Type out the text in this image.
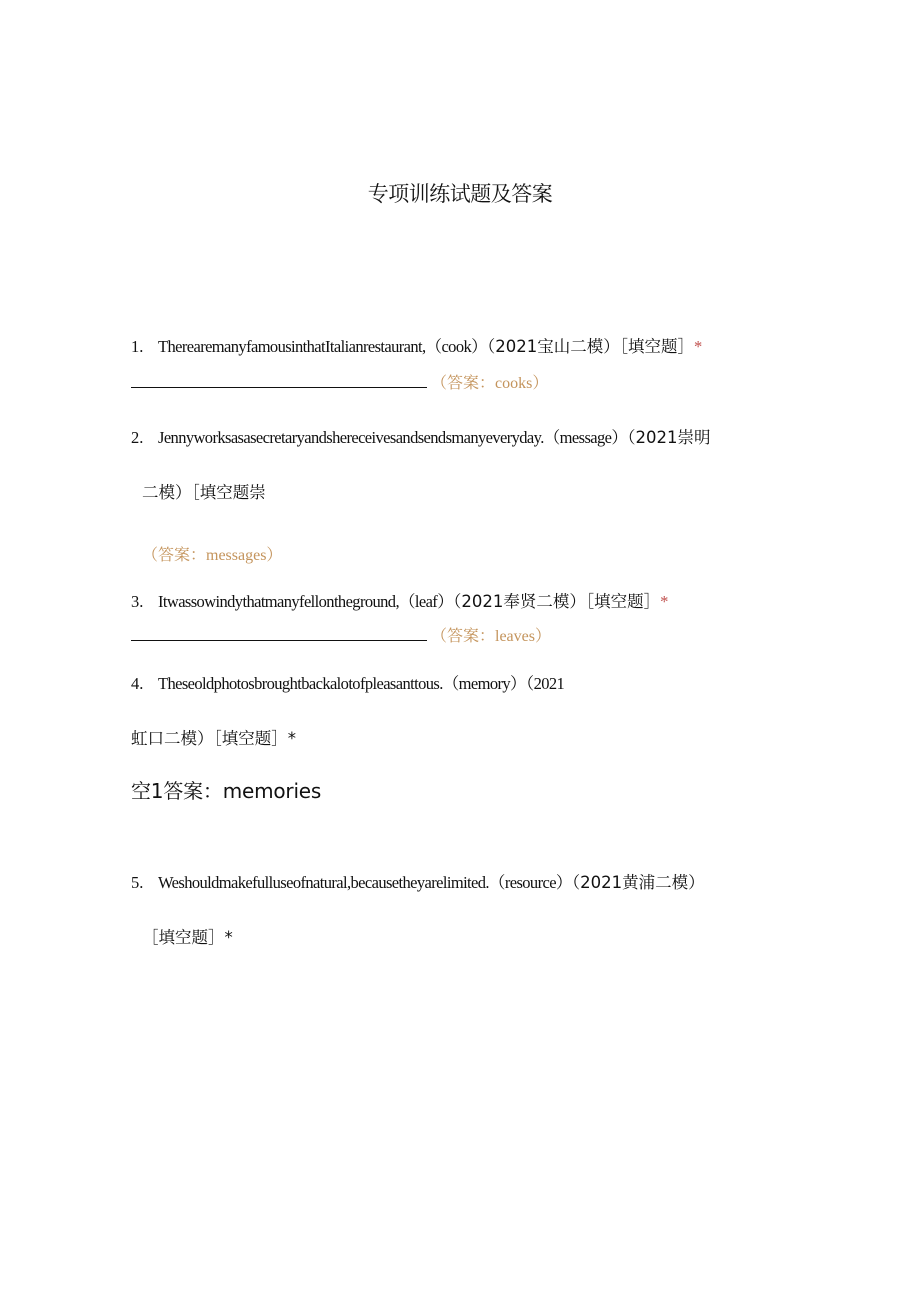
专项训练试题及答案
1. TherearemanyfamousinthatItalianrestaurant,（cook）（2021宝山二模）［填空题］*
（答案：cooks）
2. Jennyworksasasecretaryandshereceivesandsendsmanyeveryday.（message）（2021崇明
二模）［填空题崇
（答案：messages）
3. Itwassowindythatmanyfellontheground,（leaf）（2021奉贤二模）［填空题］*
（答案：leaves）
4. Theseoldphotosbroughtbackalotofpleasanttous.（memory）（2021
虹口二模）［填空题］*
空1答案：memories
5. Weshouldmakefulluseofnatural,becausetheyarelimited.（resource）（2021黄浦二模）
［填空题］*
